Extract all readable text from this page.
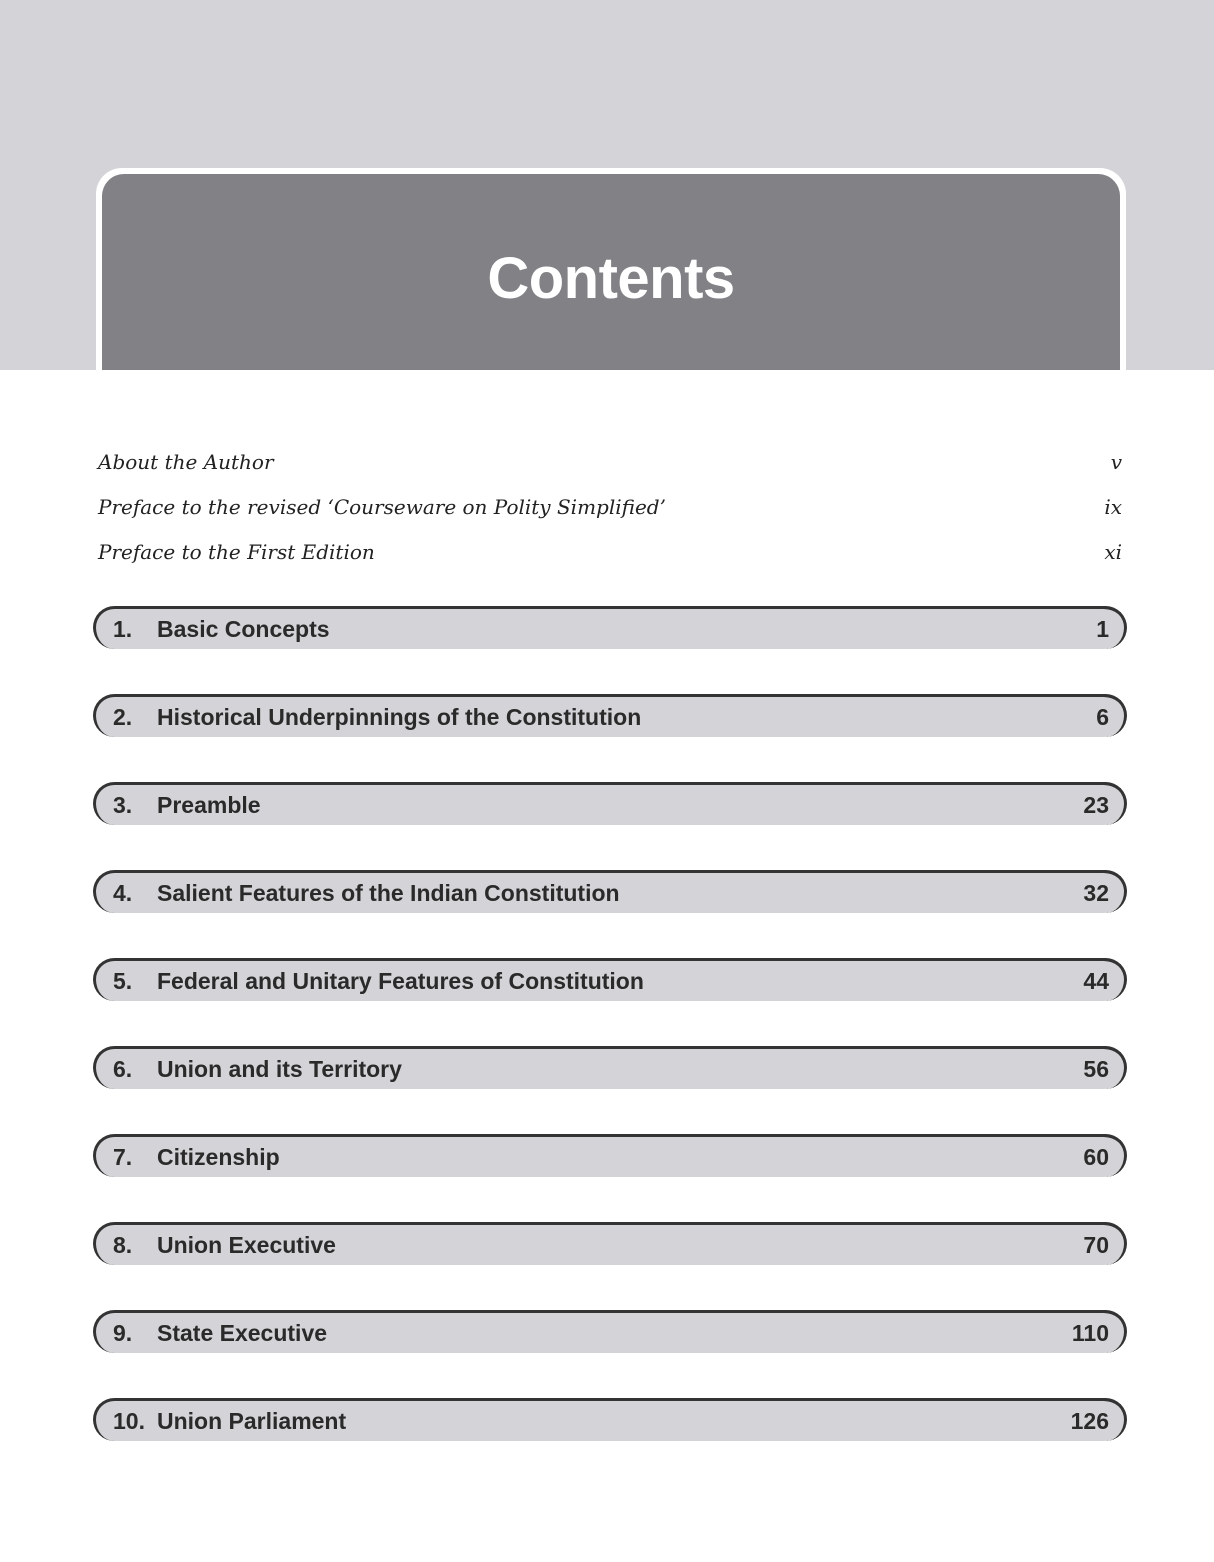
Contents
About the Author	v
Preface to the revised ‘Courseware on Polity Simplified’	ix
Preface to the First Edition	xi
1.	Basic Concepts	1
2.	Historical Underpinnings of the Constitution	6
3.	Preamble	23
4.	Salient Features of the Indian Constitution	32
5.	Federal and Unitary Features of Constitution	44
6.	Union and its Territory	56
7.	Citizenship	60
8.	Union Executive	70
9.	State Executive	110
10. Union Parliament	126
